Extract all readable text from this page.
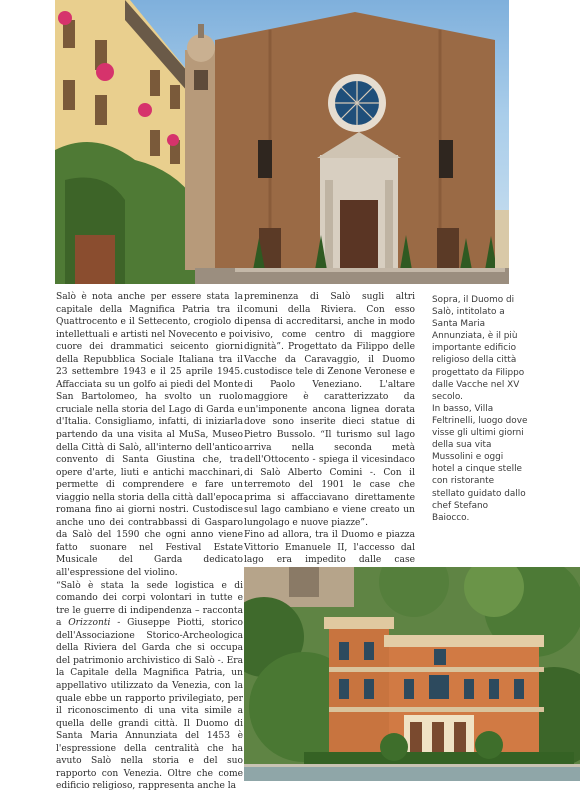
Salò è nota anche per essere stata la capitale della Magnifica Patria tra il Quattrocento e il Settecento, crogiolo di intellettuali e artisti nel Novecento e poi cuore dei drammatici seicento giorni della Repubblica Sociale Italiana tra il 23 settembre 1943 e il 25 aprile 1945. Affacciata su un golfo ai piedi del Monte San Bartolomeo, ha svolto un ruolo cruciale nella storia del Lago di Garda e d'Italia. Consigliamo, infatti, di iniziarla partendo da una visita al MuSa, Museo della Città di Salò, all'interno dell'antico convento di Santa Giustina che, tra opere d'arte, liuti e antichi macchinari, permette di comprendere e fare un viaggio nella storia della città dall'epoca romana fino ai giorni nostri. Custodisce anche uno dei contrabbassi di Gasparo da Salò del 1590 che ogni anno viene fatto suonare nel Festival Estate Musicale del Garda dedicato all'espressione del violino.

“Salò è stata la sede logistica e di comando dei corpi volontari in tutte e tre le guerre di indipendenza – racconta a Orizzonti - Giuseppe Piotti, storico dell'Associazione Storico-Archeologica della Riviera del Garda che si occupa del patrimonio archivistico di Salò -. Era la Capitale della Magnifica Patria, un appellativo utilizzato da Venezia, con la quale ebbe un rapporto privilegiato, per il riconoscimento di una vita simile a quella delle grandi città. Il Duomo di Santa Maria Annunziata del 1453 è l'espressione della centralità che ha avuto Salò nella storia e del suo rapporto con Venezia. Oltre che come edificio religioso, rappresenta anche la

preminenza di Salò sugli altri comuni della Riviera. Con esso pensa di accreditarsi, anche in modo visivo, come centro di maggiore dignità”. Progettato da Filippo delle Vacche da Caravaggio, il Duomo custodisce tele di Zenone Veronese e di Paolo Veneziano. L'altare maggiore è caratterizzato da un'imponente ancona lignea dorata dove sono inserite dieci statue di Pietro Bussolo. “Il turismo sul lago arriva nella seconda metà dell'Ottocento - spiega il vicesindaco di Salò Alberto Comini -. Con il terremoto del 1901 le case che prima si affacciavano direttamente sul lago cambiano e viene creato un lungolago e nuove piazze”.

Fino ad allora, tra il Duomo e piazza Vittorio Emanuele II, l'accesso dal lago era impedito dalle case

Sopra, il Duomo di Salò, intitolato a Santa Maria Annunziata, è il più importante edificio religioso della città progettato da Filippo dalle Vacche nel XV secolo.

In basso, Villa Feltrinelli, luogo dove visse gli ultimi giorni della sua vita Mussolini e oggi hotel a cinque stelle con ristorante stellato guidato dallo chef Stefano Baiocco.
